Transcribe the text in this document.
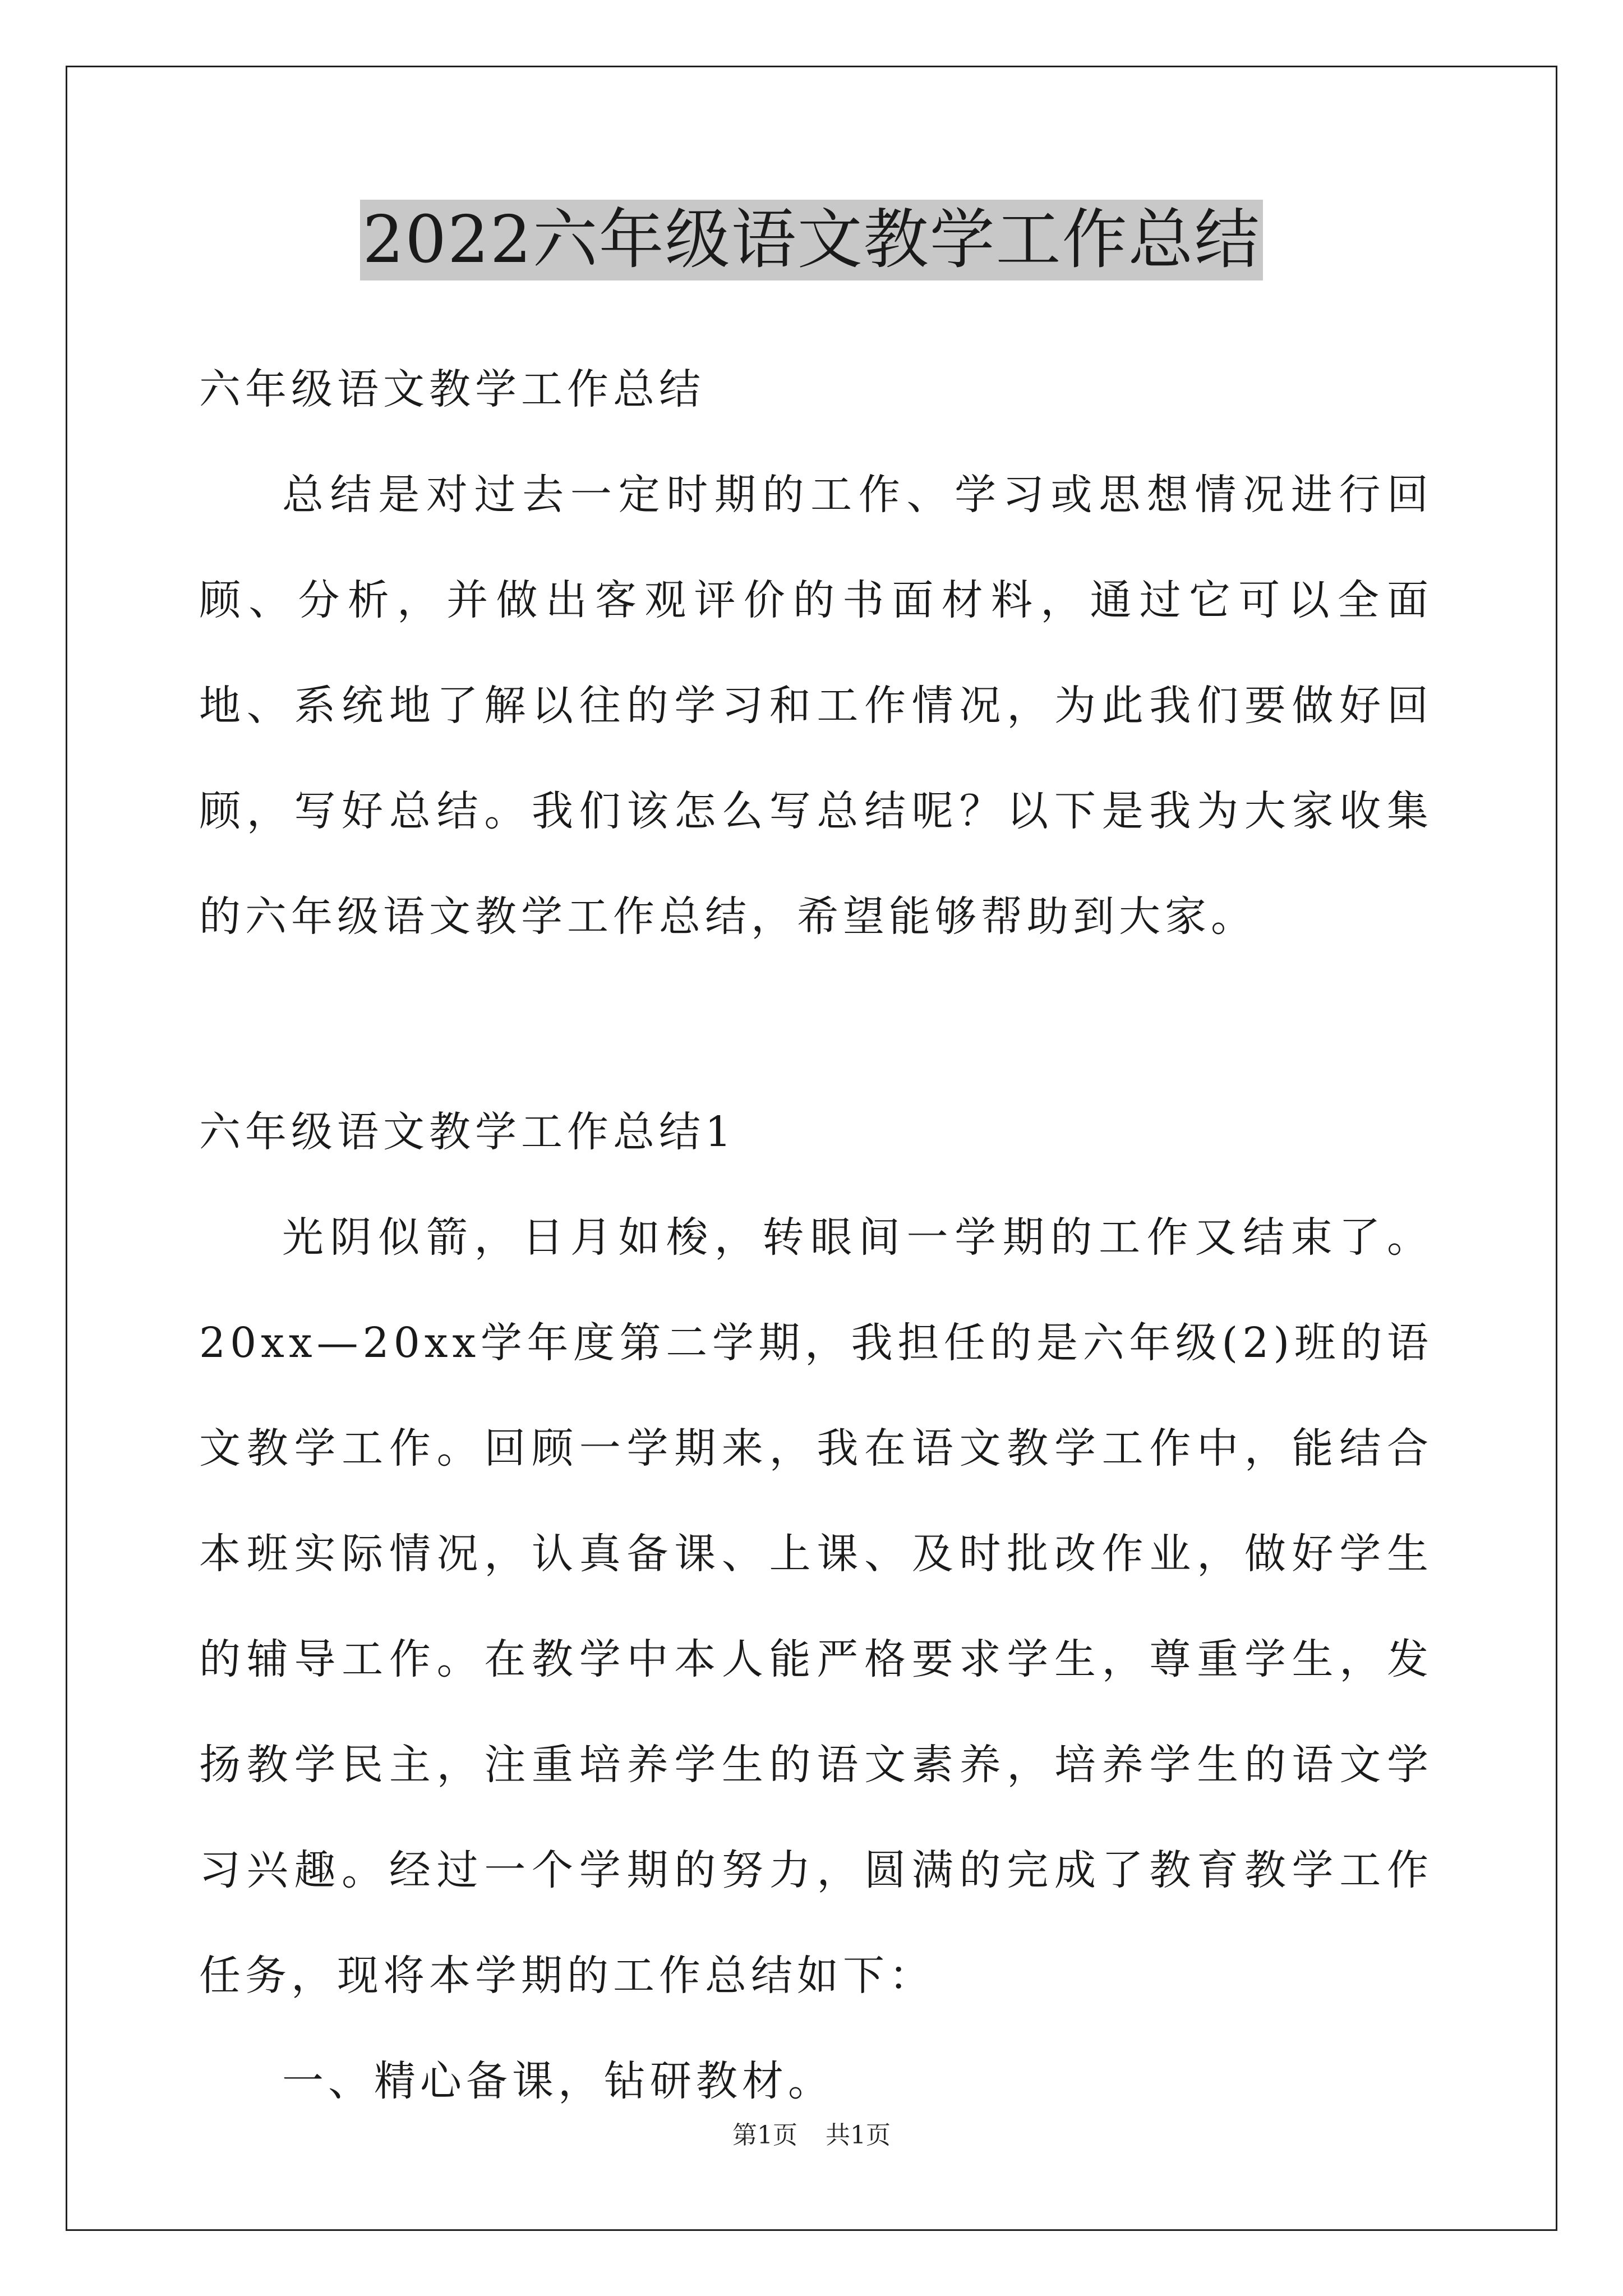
2022六年级语文教学工作总结

六年级语文教学工作总结

总结是对过去一定时期的工作、学习或思想情况进行回顾、分析，并做出客观评价的书面材料，通过它可以全面地、系统地了解以往的学习和工作情况，为此我们要做好回顾，写好总结。我们该怎么写总结呢？以下是我为大家收集的六年级语文教学工作总结，希望能够帮助到大家。

六年级语文教学工作总结1

光阴似箭，日月如梭，转眼间一学期的工作又结束了。20xx—20xx学年度第二学期，我担任的是六年级(2)班的语文教学工作。回顾一学期来，我在语文教学工作中，能结合本班实际情况，认真备课、上课、及时批改作业，做好学生的辅导工作。在教学中本人能严格要求学生，尊重学生，发扬教学民主，注重培养学生的语文素养，培养学生的语文学习兴趣。经过一个学期的努力，圆满的完成了教育教学工作任务，现将本学期的工作总结如下：

一、精心备课，钻研教材。

第1页 共1页
